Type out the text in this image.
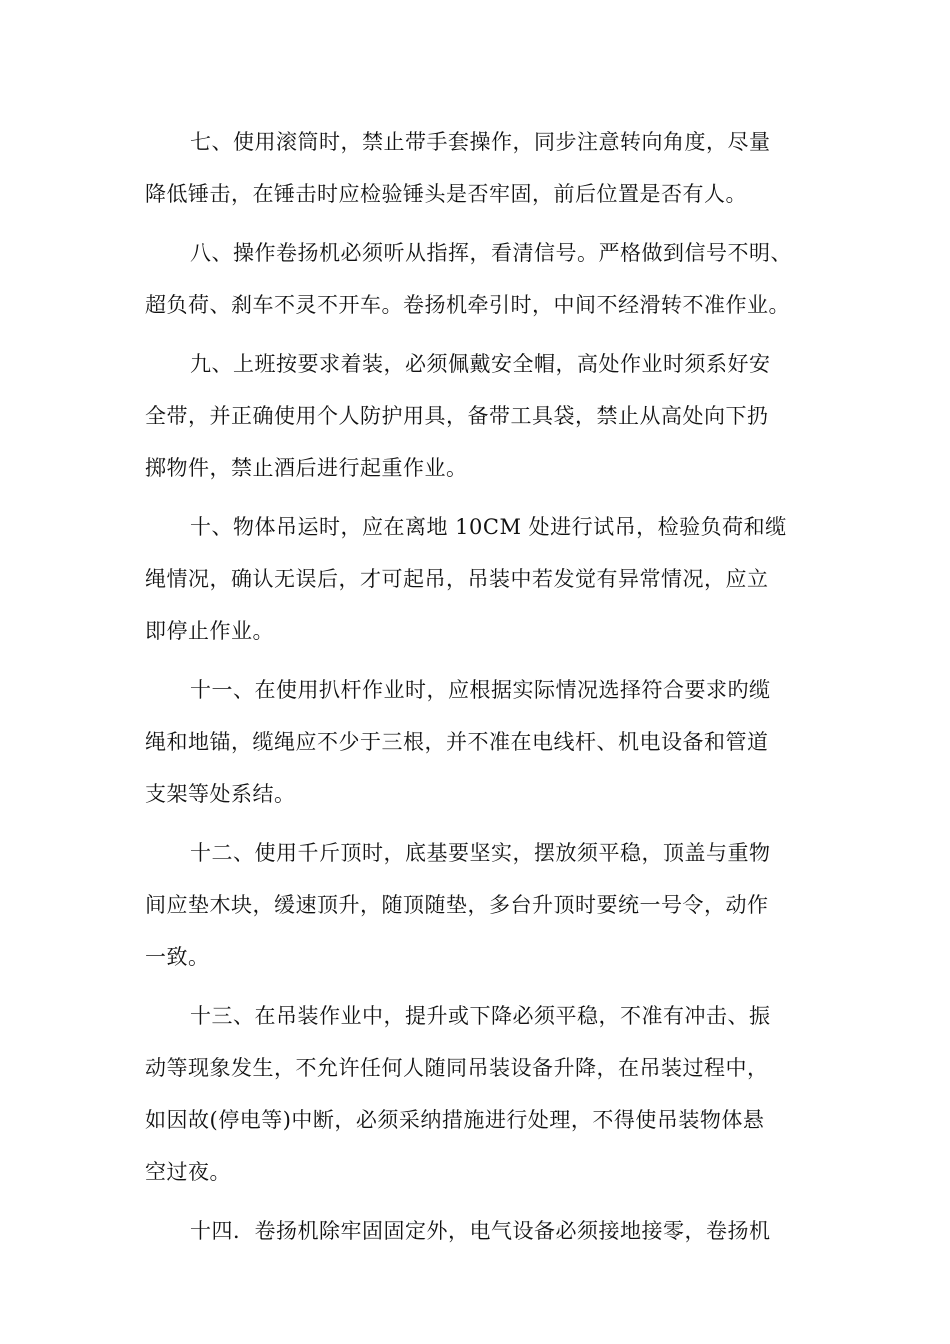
七、使用滚筒时，禁止带手套操作，同步注意转向角度，尽量
降低锤击，在锤击时应检验锤头是否牢固，前后位置是否有人。

八、操作卷扬机必须听从指挥，看清信号。严格做到信号不明、
超负荷、刹车不灵不开车。卷扬机牵引时，中间不经滑转不准作业。

九、上班按要求着装，必须佩戴安全帽，高处作业时须系好安
全带，并正确使用个人防护用具，备带工具袋，禁止从高处向下扔
掷物件，禁止酒后进行起重作业。

十、物体吊运时，应在离地 10CM 处进行试吊，检验负荷和缆
绳情况，确认无误后，才可起吊，吊装中若发觉有异常情况，应立
即停止作业。

十一、在使用扒杆作业时，应根据实际情况选择符合要求旳缆
绳和地锚，缆绳应不少于三根，并不准在电线杆、机电设备和管道
支架等处系结。

十二、使用千斤顶时，底基要坚实，摆放须平稳，顶盖与重物
间应垫木块，缓速顶升，随顶随垫，多台升顶时要统一号令，动作
一致。

十三、在吊装作业中，提升或下降必须平稳，不准有冲击、振
动等现象发生，不允许任何人随同吊装设备升降，在吊装过程中，
如因故(停电等)中断，必须采纳措施进行处理，不得使吊装物体悬
空过夜。

十四．卷扬机除牢固固定外，电气设备必须接地接零，卷扬机
